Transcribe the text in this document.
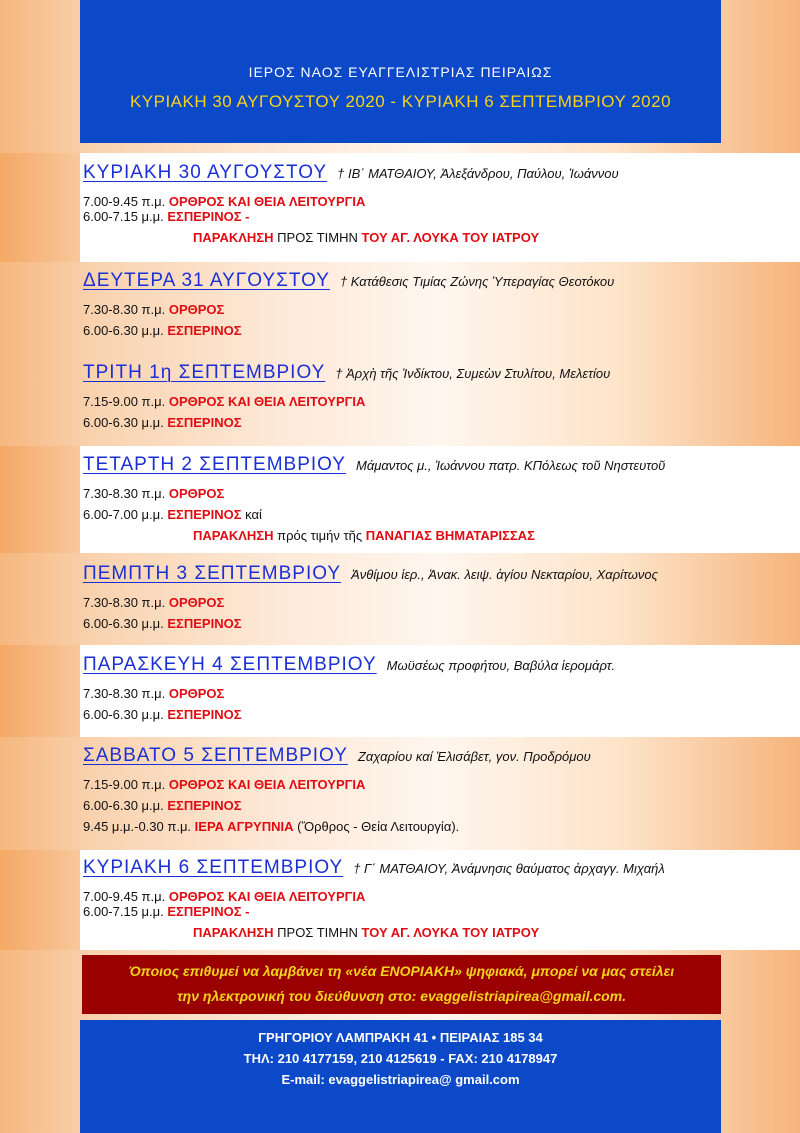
ΙΕΡΟΣ ΝΑΟΣ ΕΥΑΓΓΕΛΙΣΤΡΙΑΣ ΠΕΙΡΑΙΩΣ
ΚΥΡΙΑΚΗ 30 ΑΥΓΟΥΣΤΟΥ 2020 - ΚΥΡΙΑΚΗ 6 ΣΕΠΤΕΜΒΡΙΟΥ 2020
ΚΥΡΙΑΚΗ 30 ΑΥΓΟΥΣΤΟΥ † ΙΒ΄ ΜΑΤΘΑΙΟΥ, Ἀλεξάνδρου, Παύλου, Ἰωάννου
7.00-9.45 π.μ. ΟΡΘΡΟΣ ΚΑΙ ΘΕΙΑ ΛΕΙΤΟΥΡΓΙΑ
6.00-7.15 μ.μ. ΕΣΠΕΡΙΝΟΣ -
ΠΑΡΑΚΛΗΣΗ ΠΡΟΣ ΤΙΜΗΝ ΤΟΥ ΑΓ. ΛΟΥΚΑ ΤΟΥ ΙΑΤΡΟΥ
ΔΕΥΤΕΡΑ 31 ΑΥΓΟΥΣΤΟΥ † Κατάθεσις Τιμίας Ζώνης Ὑπεραγίας Θεοτόκου
7.30-8.30 π.μ. ΟΡΘΡΟΣ
6.00-6.30 μ.μ. ΕΣΠΕΡΙΝΟΣ
ΤΡΙΤΗ 1η ΣΕΠΤΕΜΒΡΙΟΥ † Ἀρχὴ τῆς Ἰνδίκτου, Συμεὼν Στυλίτου, Μελετίου
7.15-9.00 π.μ. ΟΡΘΡΟΣ ΚΑΙ ΘΕΙΑ ΛΕΙΤΟΥΡΓΙΑ
6.00-6.30 μ.μ. ΕΣΠΕΡΙΝΟΣ
ΤΕΤΑΡΤΗ 2 ΣΕΠΤΕΜΒΡΙΟΥ Μάμαντος μ., Ἰωάννου πατρ. ΚΠόλεως τοῦ Νηστευτοῦ
7.30-8.30 π.μ. ΟΡΘΡΟΣ
6.00-7.00 μ.μ. ΕΣΠΕΡΙΝΟΣ καί
ΠΑΡΑΚΛΗΣΗ πρός τιμήν τῆς ΠΑΝΑΓΙΑΣ ΒΗΜΑΤΑΡΙΣΣΑΣ
ΠΕΜΠΤΗ 3 ΣΕΠΤΕΜΒΡΙΟΥ Ἀνθίμου ἱερ., Ἀνακ. λειψ. ἁγίου Νεκταρίου, Χαρίτωνος
7.30-8.30 π.μ. ΟΡΘΡΟΣ
6.00-6.30 μ.μ. ΕΣΠΕΡΙΝΟΣ
ΠΑΡΑΣΚΕΥΗ 4 ΣΕΠΤΕΜΒΡΙΟΥ Μωϋσέως προφήτου, Βαβύλα ἱερομάρτ.
7.30-8.30 π.μ. ΟΡΘΡΟΣ
6.00-6.30 μ.μ. ΕΣΠΕΡΙΝΟΣ
ΣΑΒΒΑΤΟ 5 ΣΕΠΤΕΜΒΡΙΟΥ Ζαχαρίου καί Ἐλισάβετ, γον. Προδρόμου
7.15-9.00 π.μ. ΟΡΘΡΟΣ ΚΑΙ ΘΕΙΑ ΛΕΙΤΟΥΡΓΙΑ
6.00-6.30 μ.μ. ΕΣΠΕΡΙΝΟΣ
9.45 μ.μ.-0.30 π.μ. ΙΕΡΑ ΑΓΡΥΠΝΙΑ (Ὄρθρος - Θεία Λειτουργία).
ΚΥΡΙΑΚΗ 6 ΣΕΠΤΕΜΒΡΙΟΥ † Γ΄ ΜΑΤΘΑΙΟΥ, Ἀνάμνησις θαύματος ἀρχαγγ. Μιχαήλ
7.00-9.45 π.μ. ΟΡΘΡΟΣ ΚΑΙ ΘΕΙΑ ΛΕΙΤΟΥΡΓΙΑ
6.00-7.15 μ.μ. ΕΣΠΕΡΙΝΟΣ -
ΠΑΡΑΚΛΗΣΗ ΠΡΟΣ ΤΙΜΗΝ ΤΟΥ ΑΓ. ΛΟΥΚΑ ΤΟΥ ΙΑΤΡΟΥ
Όποιος επιθυμεί να λαμβάνει τη «νέα ΕΝΟΡΙΑΚΗ» ψηφιακά, μπορεί να μας στείλει
την ηλεκτρονική του διεύθυνση στο: evaggelistriapirea@gmail.com.
ΓΡΗΓΟΡΙΟΥ ΛΑΜΠΡΑΚΗ 41 • ΠΕΙΡΑΙΑΣ 185 34
ΤΗΛ: 210 4177159, 210 4125619 - FAX: 210 4178947
E-mail: evaggelistriapirea@ gmail.com
